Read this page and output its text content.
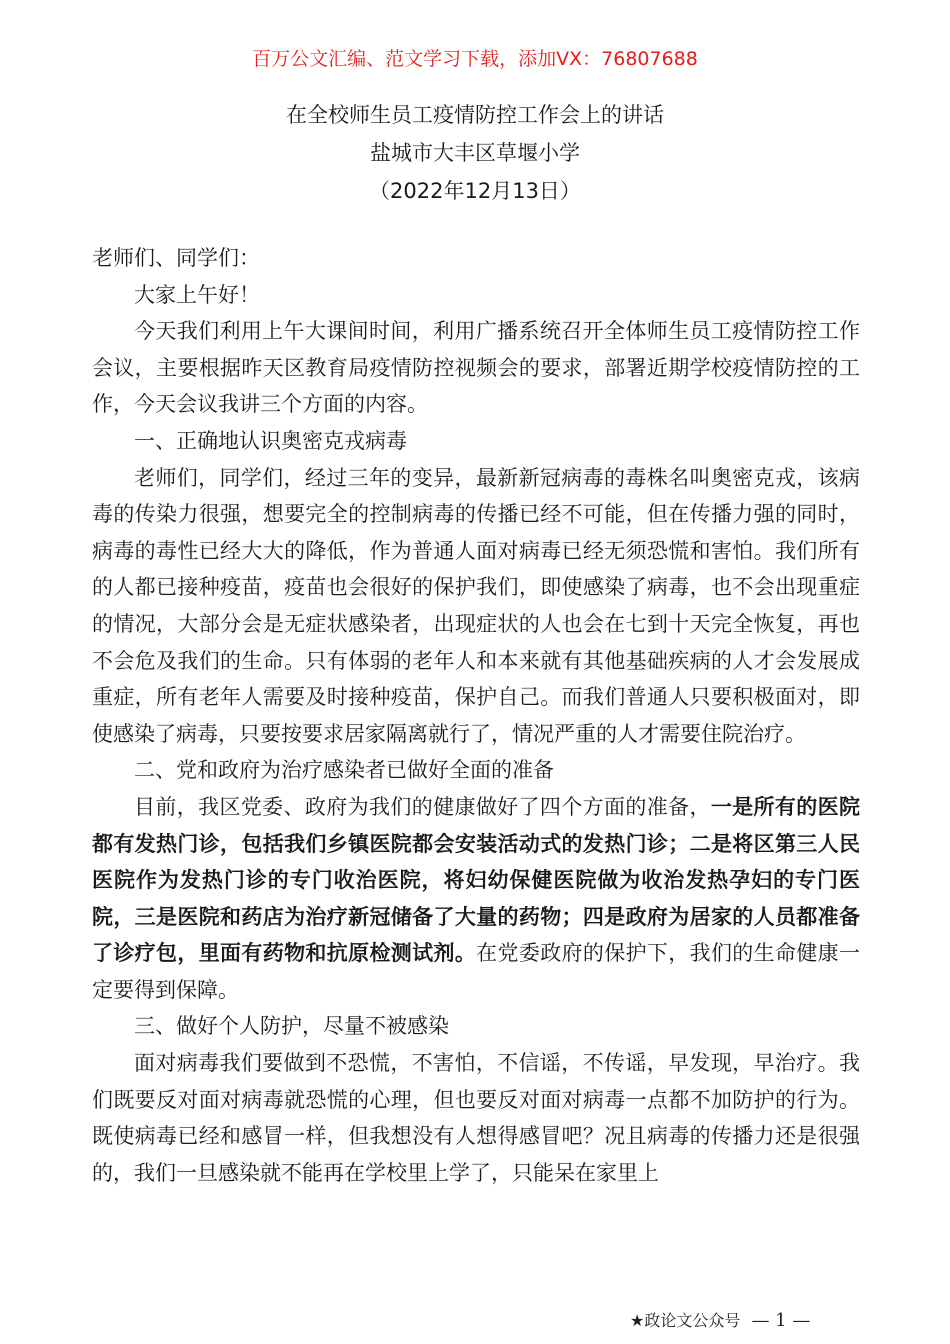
百万公文汇编、范文学习下载，添加VX：76807688
在全校师生员工疫情防控工作会上的讲话
盐城市大丰区草堰小学
（2022年12月13日）

老师们、同学们：

大家上午好！

今天我们利用上午大课间时间，利用广播系统召开全体师生员工疫情防控工作会议，主要根据昨天区教育局疫情防控视频会的要求，部署近期学校疫情防控的工作，今天会议我讲三个方面的内容。

一、正确地认识奥密克戎病毒

老师们，同学们，经过三年的变异，最新新冠病毒的毒株名叫奥密克戎，该病毒的传染力很强，想要完全的控制病毒的传播已经不可能，但在传播力强的同时，病毒的毒性已经大大的降低，作为普通人面对病毒已经无须恐慌和害怕。我们所有的人都已接种疫苗，疫苗也会很好的保护我们，即使感染了病毒，也不会出现重症的情况，大部分会是无症状感染者，出现症状的人也会在七到十天完全恢复，再也不会危及我们的生命。只有体弱的老年人和本来就有其他基础疾病的人才会发展成重症，所有老年人需要及时接种疫苗，保护自己。而我们普通人只要积极面对，即使感染了病毒，只要按要求居家隔离就行了，情况严重的人才需要住院治疗。

二、党和政府为治疗感染者已做好全面的准备

目前，我区党委、政府为我们的健康做好了四个方面的准备，一是所有的医院都有发热门诊，包括我们乡镇医院都会安装活动式的发热门诊；二是将区第三人民医院作为发热门诊的专门收治医院，将妇幼保健医院做为收治发热孕妇的专门医院，三是医院和药店为治疗新冠储备了大量的药物；四是政府为居家的人员都准备了诊疗包，里面有药物和抗原检测试剂。在党委政府的保护下，我们的生命健康一定要得到保障。

三、做好个人防护，尽量不被感染

面对病毒我们要做到不恐慌，不害怕，不信谣，不传谣，早发现，早治疗。我们既要反对面对病毒就恐慌的心理，但也要反对面对病毒一点都不加防护的行为。既使病毒已经和感冒一样，但我想没有人想得感冒吧？况且病毒的传播力还是很强的，我们一旦感染就不能再在学校里上学了，只能呆在家里上

★政论文公众号 — 1 —
